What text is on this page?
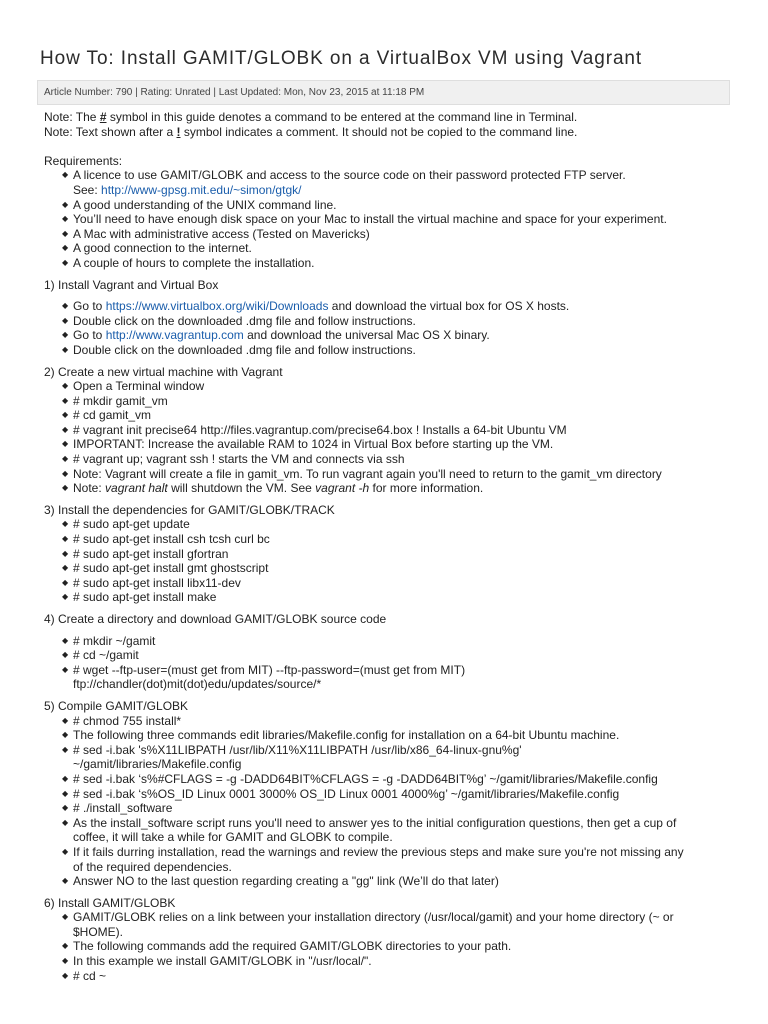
How To: Install GAMIT/GLOBK on a VirtualBox VM using Vagrant
Article Number: 790 | Rating: Unrated | Last Updated: Mon, Nov 23, 2015 at 11:18 PM
Note: The # symbol in this guide denotes a command to be entered at the command line in Terminal.
Note: Text shown after a ! symbol indicates a comment. It should not be copied to the command line.
Requirements:
◆ A licence to use GAMIT/GLOBK and access to the source code on their password protected FTP server.
See: http://www-gpsg.mit.edu/~simon/gtgk/
◆ A good understanding of the UNIX command line.
◆ You’ll need to have enough disk space on your Mac to install the virtual machine and space for your experiment.
◆ A Mac with administrative access (Tested on Mavericks)
◆ A good connection to the internet.
◆ A couple of hours to complete the installation.
1) Install Vagrant and Virtual Box
◆ Go to https://www.virtualbox.org/wiki/Downloads and download the virtual box for OS X hosts.
◆ Double click on the downloaded .dmg file and follow instructions.
◆ Go to http://www.vagrantup.com and download the universal Mac OS X binary.
◆ Double click on the downloaded .dmg file and follow instructions.
2) Create a new virtual machine with Vagrant
◆ Open a Terminal window
◆ # mkdir gamit_vm
◆ # cd gamit_vm
◆ # vagrant init precise64 http://files.vagrantup.com/precise64.box ! Installs a 64-bit Ubuntu VM
◆ IMPORTANT: Increase the available RAM to 1024 in Virtual Box before starting up the VM.
◆ # vagrant up; vagrant ssh ! starts the VM and connects via ssh
◆ Note: Vagrant will create a file in gamit_vm. To run vagrant again you'll need to return to the gamit_vm directory
◆ Note: vagrant halt will shutdown the VM. See vagrant -h for more information.
3) Install the dependencies for GAMIT/GLOBK/TRACK
◆ # sudo apt-get update
◆ # sudo apt-get install csh tcsh curl bc
◆ # sudo apt-get install gfortran
◆ # sudo apt-get install gmt ghostscript
◆ # sudo apt-get install libx11-dev
◆ # sudo apt-get install make
4) Create a directory and download GAMIT/GLOBK source code
◆ # mkdir ~/gamit
◆ # cd ~/gamit
◆ # wget --ftp-user=(must get from MIT) --ftp-password=(must get from MIT)
ftp://chandler(dot)mit(dot)edu/updates/source/*
5) Compile GAMIT/GLOBK
◆ # chmod 755 install*
◆ The following three commands edit libraries/Makefile.config for installation on a 64-bit Ubuntu machine.
◆ # sed -i.bak 's%X11LIBPATH /usr/lib/X11%X11LIBPATH /usr/lib/x86_64-linux-gnu%g'
~/gamit/libraries/Makefile.config
◆ # sed -i.bak ‘s%#CFLAGS = -g -DADD64BIT%CFLAGS = -g -DADD64BIT%g’ ~/gamit/libraries/Makefile.config
◆ # sed -i.bak ‘s%OS_ID Linux 0001 3000% OS_ID Linux 0001 4000%g’ ~/gamit/libraries/Makefile.config
◆ # ./install_software
◆ As the install_software script runs you'll need to answer yes to the initial configuration questions, then get a cup of
coffee, it will take a while for GAMIT and GLOBK to compile.
◆ If it fails durring installation, read the warnings and review the previous steps and make sure you're not missing any
of the required dependencies.
◆ Answer NO to the last question regarding creating a "gg" link (We’ll do that later)
6) Install GAMIT/GLOBK
◆ GAMIT/GLOBK relies on a link between your installation directory (/usr/local/gamit) and your home directory (~ or
$HOME).
◆ The following commands add the required GAMIT/GLOBK directories to your path.
◆ In this example we install GAMIT/GLOBK in "/usr/local/".
◆ # cd ~
